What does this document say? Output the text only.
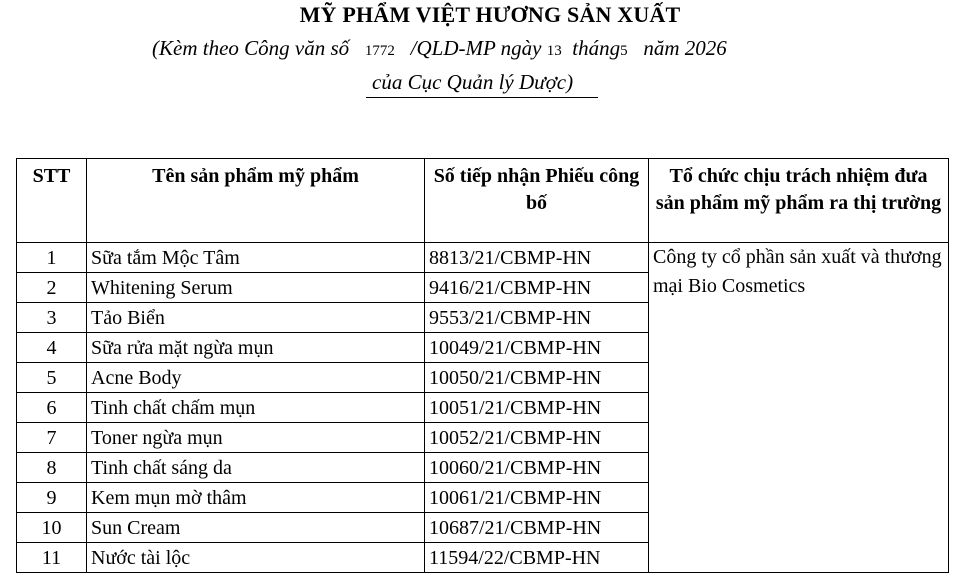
MỸ PHẨM VIỆT HƯƠNG SẢN XUẤT
(Kèm theo Công văn số 1772 /QLD-MP ngày 13 tháng5 năm 2026
của Cục Quản lý Dược)
STT	Tên sản phẩm mỹ phẩm	Số tiếp nhận Phiếu công bố	Tổ chức chịu trách nhiệm đưa sản phẩm mỹ phẩm ra thị trường
1	Sữa tắm Mộc Tâm	8813/21/CBMP-HN	Công ty cổ phần sản xuất và thương mại Bio Cosmetics
2	Whitening Serum	9416/21/CBMP-HN	
3	Tảo Biển	9553/21/CBMP-HN	
4	Sữa rửa mặt ngừa mụn	10049/21/CBMP-HN	
5	Acne Body	10050/21/CBMP-HN	
6	Tinh chất chấm mụn	10051/21/CBMP-HN	
7	Toner ngừa mụn	10052/21/CBMP-HN	
8	Tinh chất sáng da	10060/21/CBMP-HN	
9	Kem mụn mờ thâm	10061/21/CBMP-HN	
10	Sun Cream	10687/21/CBMP-HN	
11	Nước tài lộc	11594/22/CBMP-HN	
